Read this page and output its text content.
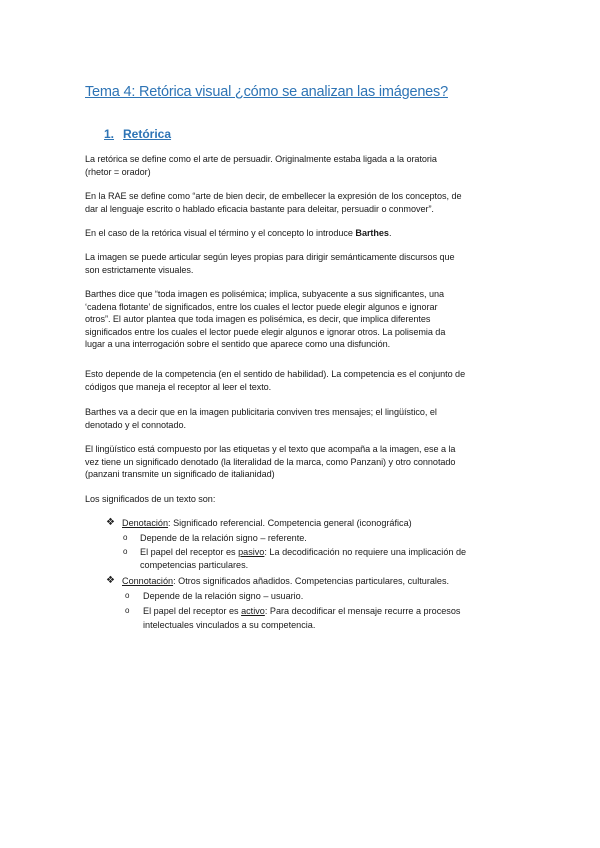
Tema 4: Retórica visual ¿cómo se analizan las imágenes?
1. Retórica
La retórica se define como el arte de persuadir. Originalmente estaba ligada a la oratoria
(rhetor = orador)
En la RAE se define como “arte de bien decir, de embellecer la expresión de los conceptos, de
dar al lenguaje escrito o hablado eficacia bastante para deleitar, persuadir o conmover”.
En el caso de la retórica visual el término y el concepto lo introduce Barthes.
La imagen se puede articular según leyes propias para dirigir semánticamente discursos que
son estrictamente visuales.
Barthes dice que “toda imagen es polisémica; implica, subyacente a sus significantes, una
‘cadena flotante’ de significados, entre los cuales el lector puede elegir algunos e ignorar
otros”. El autor plantea que toda imagen es polisémica, es decir, que implica diferentes
significados entre los cuales el lector puede elegir algunos e ignorar otros. La polisemia da
lugar a una interrogación sobre el sentido que aparece como una disfunción.
Esto depende de la competencia (en el sentido de habilidad). La competencia es el conjunto de
códigos que maneja el receptor al leer el texto.
Barthes va a decir que en la imagen publicitaria conviven tres mensajes; el lingüístico, el
denotado y el connotado.
El lingüístico está compuesto por las etiquetas y el texto que acompaña a la imagen, ese a la
vez tiene un significado denotado (la literalidad de la marca, como Panzani) y otro connotado
(panzani transmite un significado de italianidad)
Los significados de un texto son:
❖ Denotación: Significado referencial. Competencia general (iconográfica)
o Depende de la relación signo – referente.
o El papel del receptor es pasivo: La decodificación no requiere una implicación de
competencias particulares.
❖ Connotación: Otros significados añadidos. Competencias particulares, culturales.
o Depende de la relación signo – usuario.
o El papel del receptor es activo: Para decodificar el mensaje recurre a procesos
intelectuales vinculados a su competencia.
